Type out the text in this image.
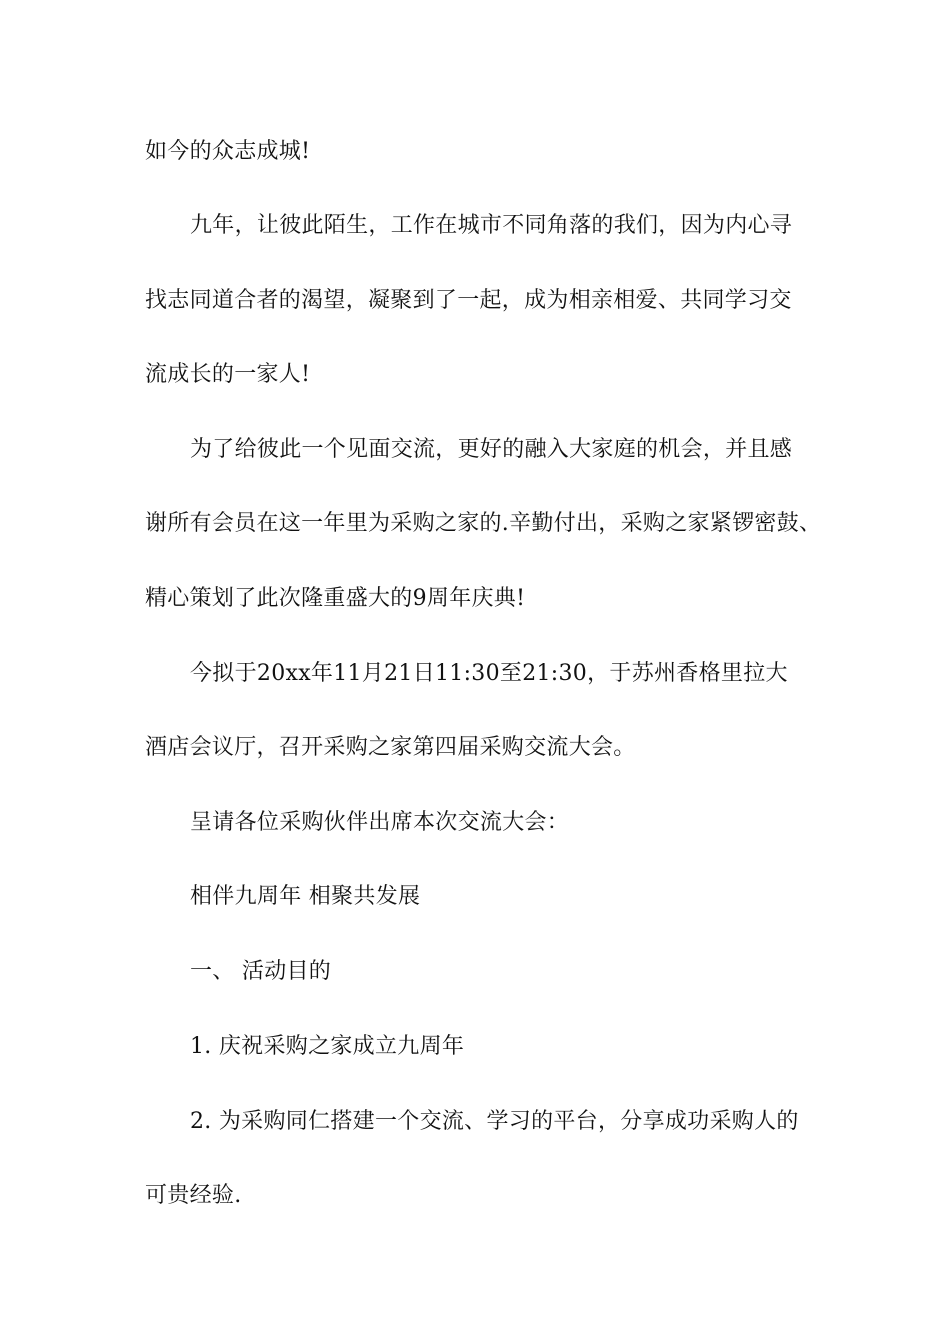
如今的众志成城!

九年，让彼此陌生，工作在城市不同角落的我们，因为内心寻

找志同道合者的渴望，凝聚到了一起，成为相亲相爱、共同学习交

流成长的一家人!

为了给彼此一个见面交流，更好的融入大家庭的机会，并且感

谢所有会员在这一年里为采购之家的.辛勤付出，采购之家紧锣密鼓、

精心策划了此次隆重盛大的9周年庆典!

今拟于20xx年11月21日11:30至21:30，于苏州香格里拉大

酒店会议厅，召开采购之家第四届采购交流大会。

呈请各位采购伙伴出席本次交流大会：

相伴九周年 相聚共发展

一、 活动目的

1. 庆祝采购之家成立九周年

2. 为采购同仁搭建一个交流、学习的平台，分享成功采购人的

可贵经验.
